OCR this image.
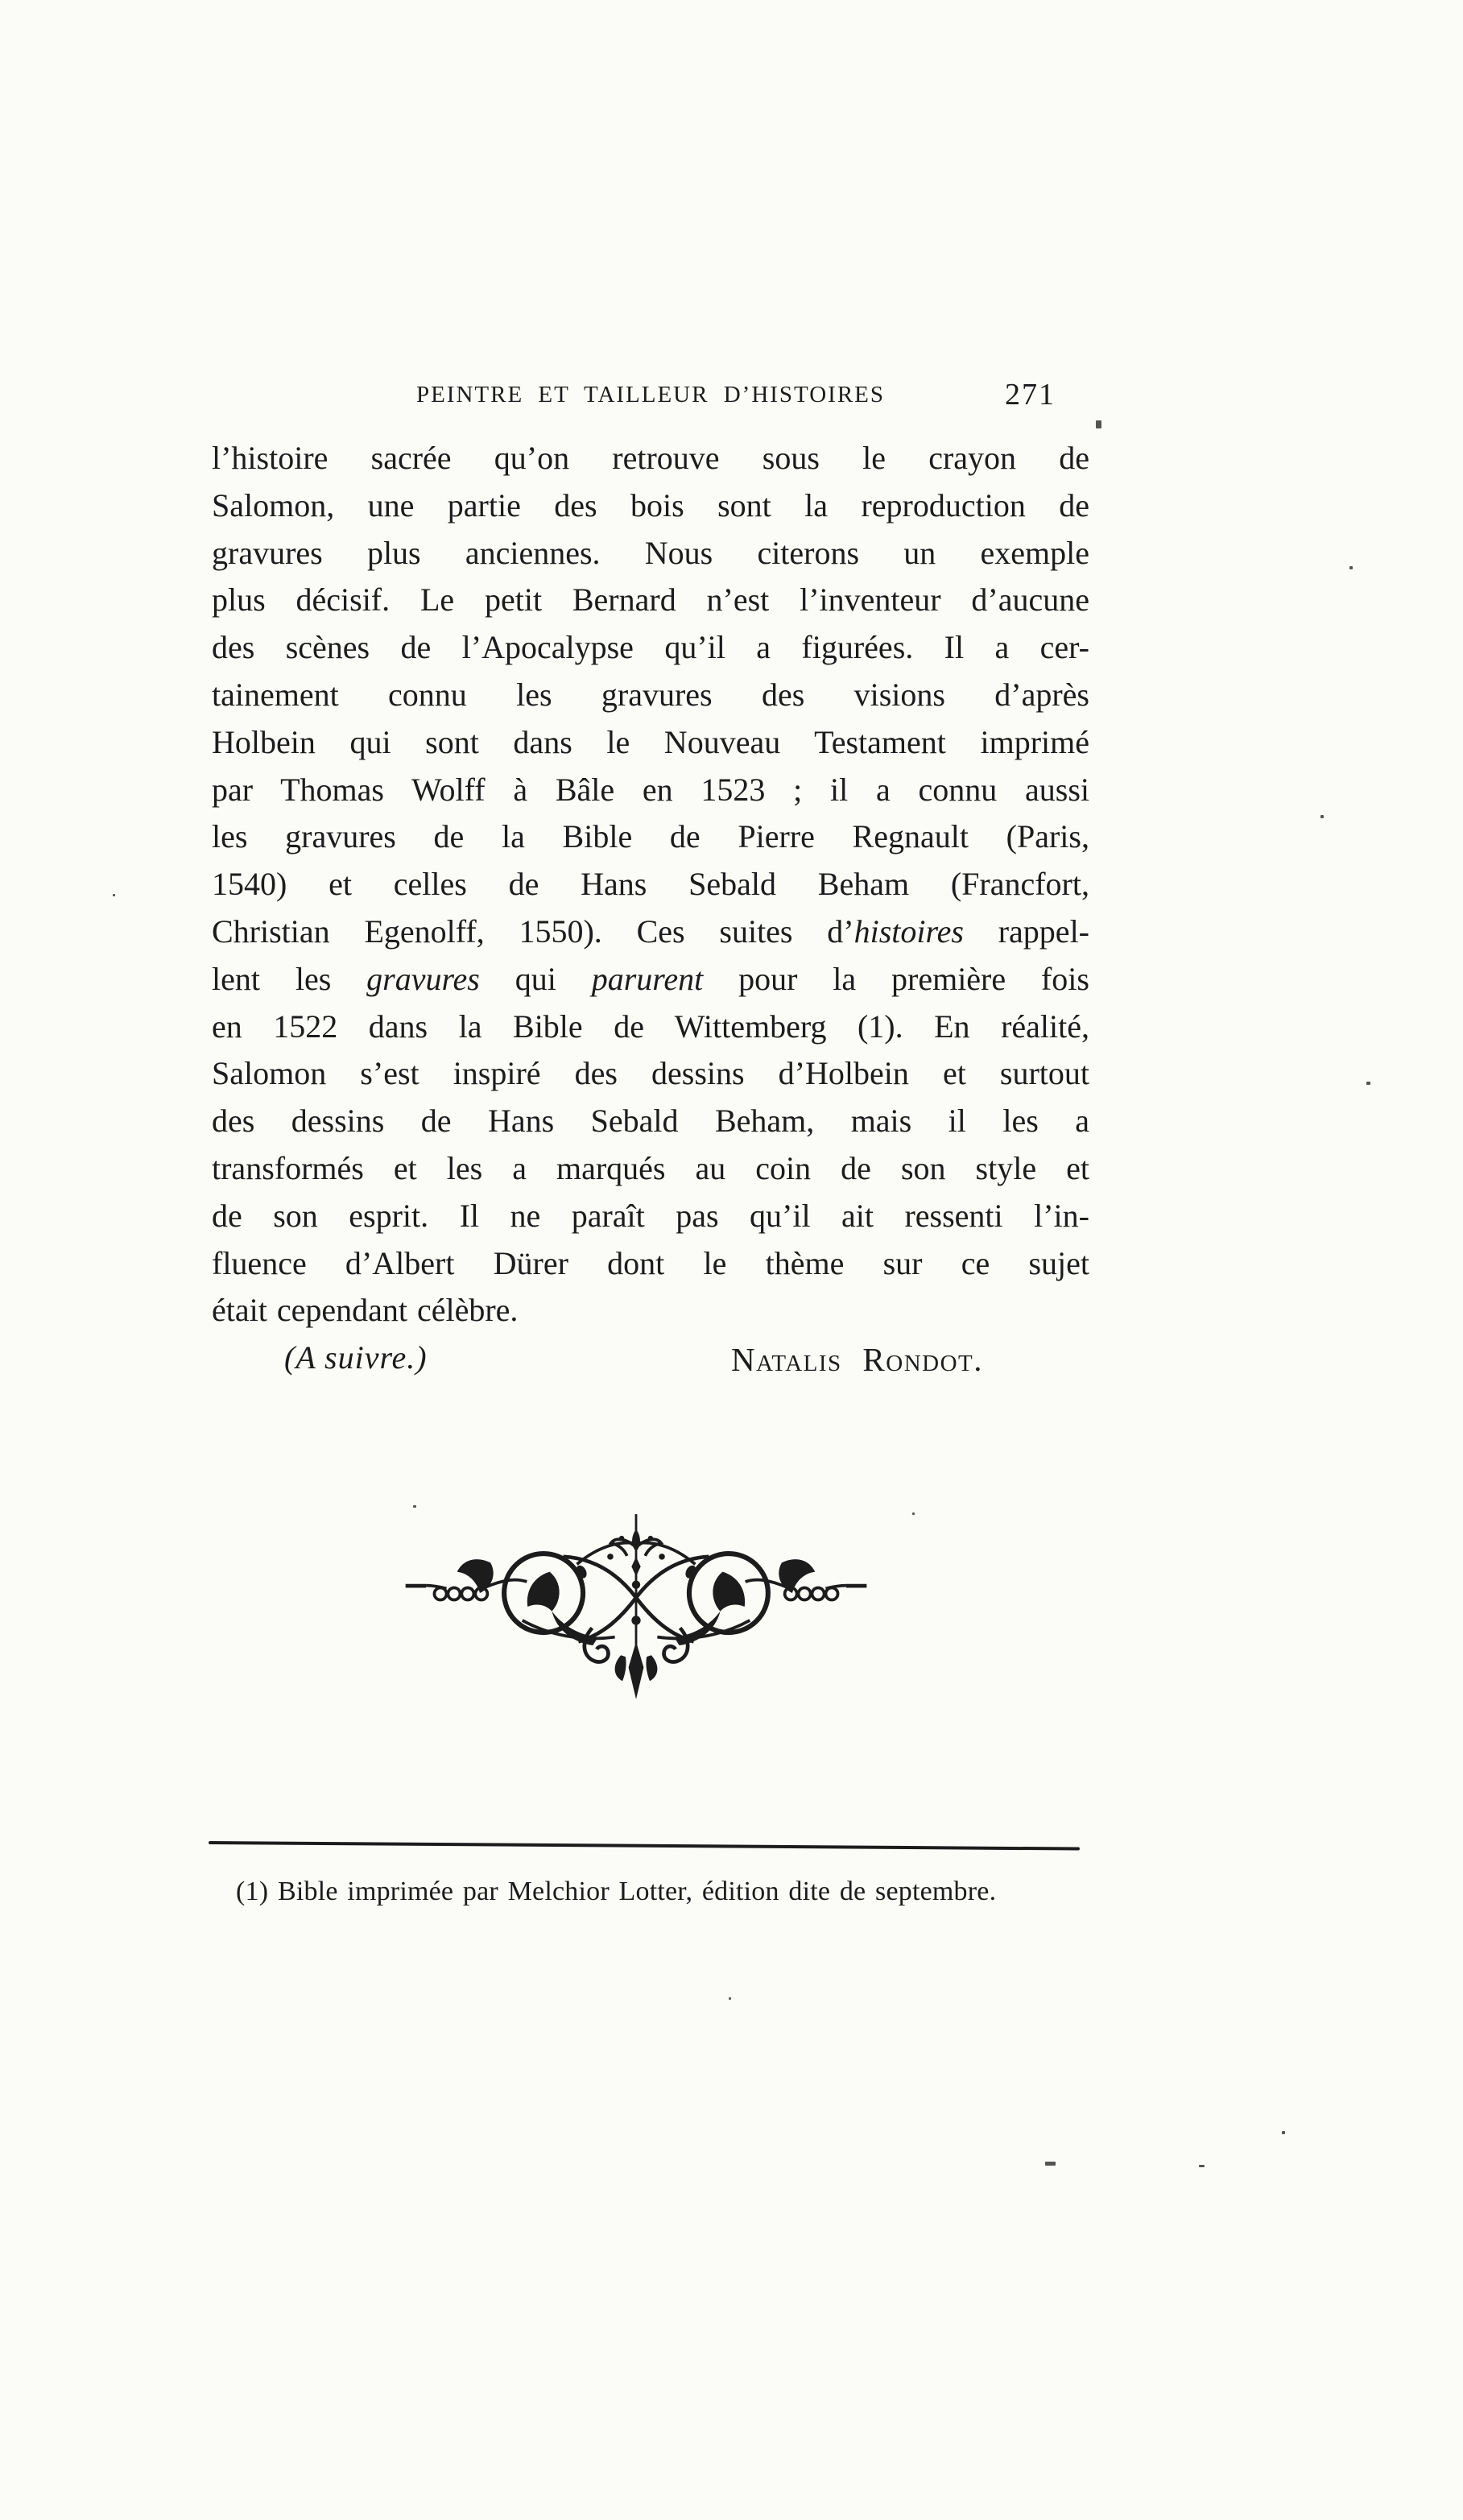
PEINTRE ET TAILLEUR D’HISTOIRES	271
l’histoire sacrée qu’on retrouve sous le crayon de
Salomon, une partie des bois sont la reproduction de
gravures plus anciennes. Nous citerons un exemple
plus décisif. Le petit Bernard n’est l’inventeur d’aucune
des scènes de l’Apocalypse qu’il a figurées. Il a cer-
tainement connu les gravures des visions d’après
Holbein qui sont dans le Nouveau Testament imprimé
par Thomas Wolff à Bâle en 1523 ; il a connu aussi
les gravures de la Bible de Pierre Regnault (Paris,
1540) et celles de Hans Sebald Beham (Francfort,
Christian Egenolff, 1550). Ces suites d’histoires rappel-
lent les gravures qui parurent pour la première fois
en 1522 dans la Bible de Wittemberg (1). En réalité,
Salomon s’est inspiré des dessins d’Holbein et surtout
des dessins de Hans Sebald Beham, mais il les a
transformés et les a marqués au coin de son style et
de son esprit. Il ne paraît pas qu’il ait ressenti l’in-
fluence d’Albert Dürer dont le thème sur ce sujet
était cependant célèbre.
(A suivre.)	Natalis Rondot.
(1) Bible imprimée par Melchior Lotter, édition dite de septembre.
